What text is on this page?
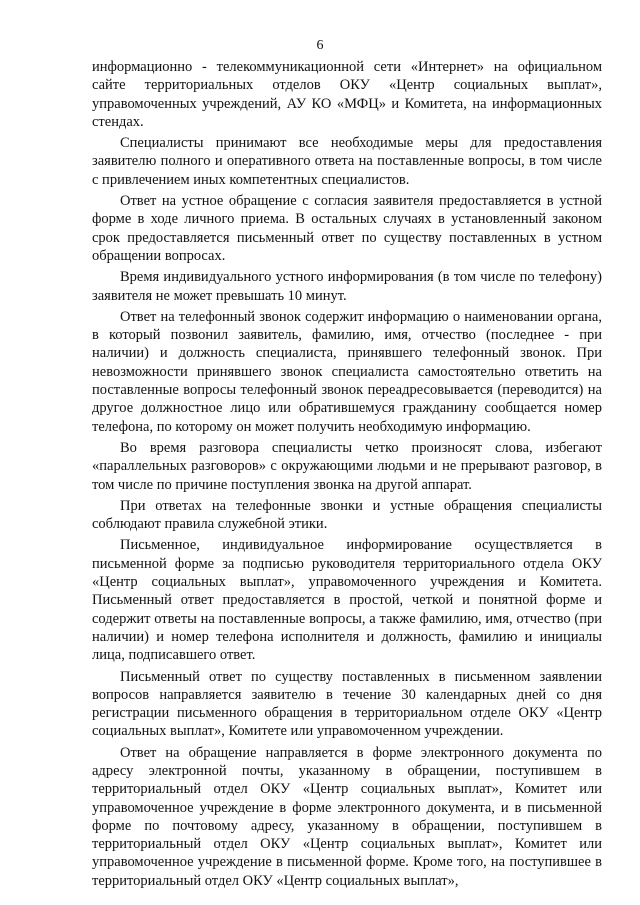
6

информационно - телекоммуникационной сети «Интернет» на официальном сайте территориальных отделов ОКУ «Центр социальных выплат», управомоченных учреждений, АУ КО «МФЦ» и Комитета, на информационных стендах.

Специалисты принимают все необходимые меры для предоставления заявителю полного и оперативного ответа на поставленные вопросы, в том числе с привлечением иных компетентных специалистов.

Ответ на устное обращение с согласия заявителя предоставляется в устной форме в ходе личного приема. В остальных случаях в установленный законом срок предоставляется письменный ответ по существу поставленных в устном обращении вопросах.

Время индивидуального устного информирования (в том числе по телефону) заявителя не может превышать 10 минут.

Ответ на телефонный звонок содержит информацию о наименовании органа, в который позвонил заявитель, фамилию, имя, отчество (последнее - при наличии) и должность специалиста, принявшего телефонный звонок. При невозможности принявшего звонок специалиста самостоятельно ответить на поставленные вопросы телефонный звонок переадресовывается (переводится) на другое должностное лицо или обратившемуся гражданину сообщается номер телефона, по которому он может получить необходимую информацию.

Во время разговора специалисты четко произносят слова, избегают «параллельных разговоров» с окружающими людьми и не прерывают разговор, в том числе по причине поступления звонка на другой аппарат.

При ответах на телефонные звонки и устные обращения специалисты соблюдают правила служебной этики.

Письменное, индивидуальное информирование осуществляется в письменной форме за подписью руководителя территориального отдела ОКУ «Центр социальных выплат», управомоченного учреждения и Комитета. Письменный ответ предоставляется в простой, четкой и понятной форме и содержит ответы на поставленные вопросы, а также фамилию, имя, отчество (при наличии) и номер телефона исполнителя и должность, фамилию и инициалы лица, подписавшего ответ.

Письменный ответ по существу поставленных в письменном заявлении вопросов направляется заявителю в течение 30 календарных дней со дня регистрации письменного обращения в территориальном отделе ОКУ «Центр социальных выплат», Комитете или управомоченном учреждении.

Ответ на обращение направляется в форме электронного документа по адресу электронной почты, указанному в обращении, поступившем в территориальный отдел ОКУ «Центр социальных выплат», Комитет или управомоченное учреждение в форме электронного документа, и в письменной форме по почтовому адресу, указанному в обращении, поступившем в территориальный отдел ОКУ «Центр социальных выплат», Комитет или управомоченное учреждение в письменной форме. Кроме того, на поступившее в территориальный отдел ОКУ «Центр социальных выплат»,
